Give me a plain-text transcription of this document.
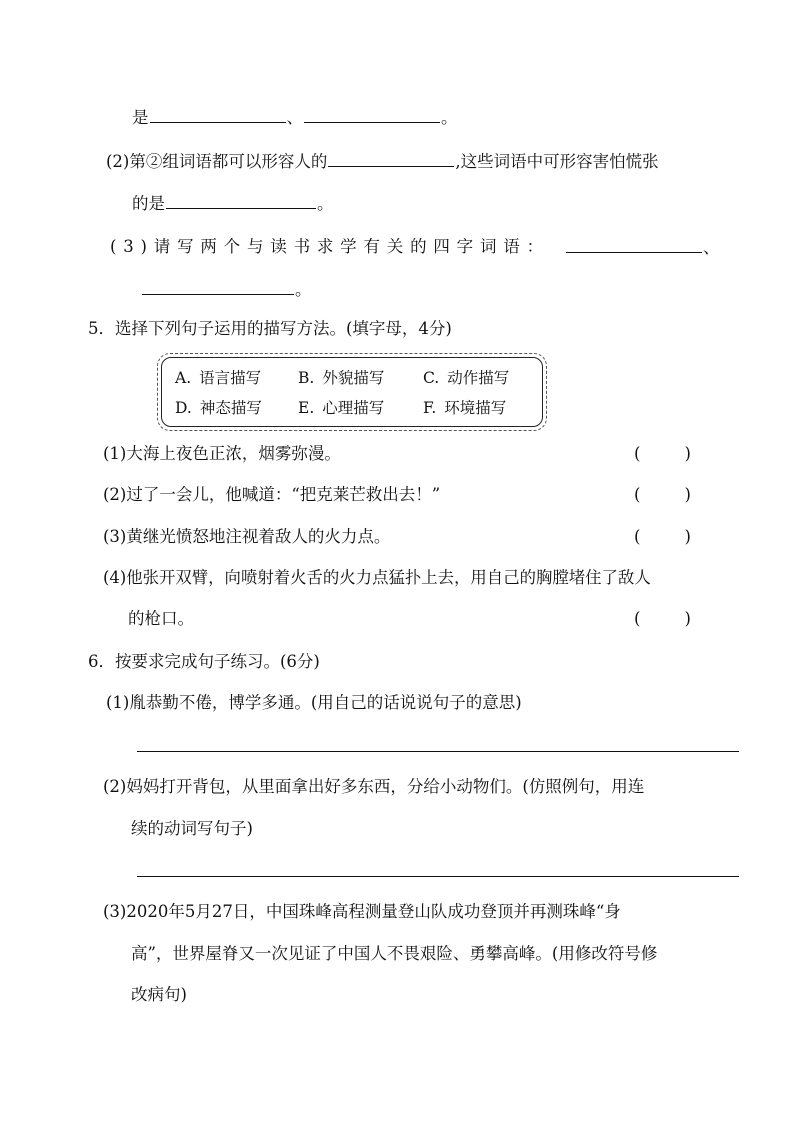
是	、	。
(2)第②组词语都可以形容人的	,这些词语中可形容害怕慌张
的是	。
(3)请写两个与读书求学有关的四字词语：	、
。
5．选择下列句子运用的描写方法。(填字母，4分)
A. 语言描写 B. 外貌描写 C. 动作描写
D. 神态描写 E. 心理描写 F. 环境描写
(1)大海上夜色正浓，烟雾弥漫。	(	)
(2)过了一会儿，他喊道：“把克莱芒救出去！”	(	)
(3)黄继光愤怒地注视着敌人的火力点。	(	)
(4)他张开双臂，向喷射着火舌的火力点猛扑上去，用自己的胸膛堵住了敌人
的枪口。	(	)
6．按要求完成句子练习。(6分)
(1)胤恭勤不倦，博学多通。(用自己的话说说句子的意思)
(2)妈妈打开背包，从里面拿出好多东西，分给小动物们。(仿照例句，用连
续的动词写句子)
(3)2020年5月27日，中国珠峰高程测量登山队成功登顶并再测珠峰“身
高”，世界屋脊又一次见证了中国人不畏艰险、勇攀高峰。(用修改符号修
改病句)
